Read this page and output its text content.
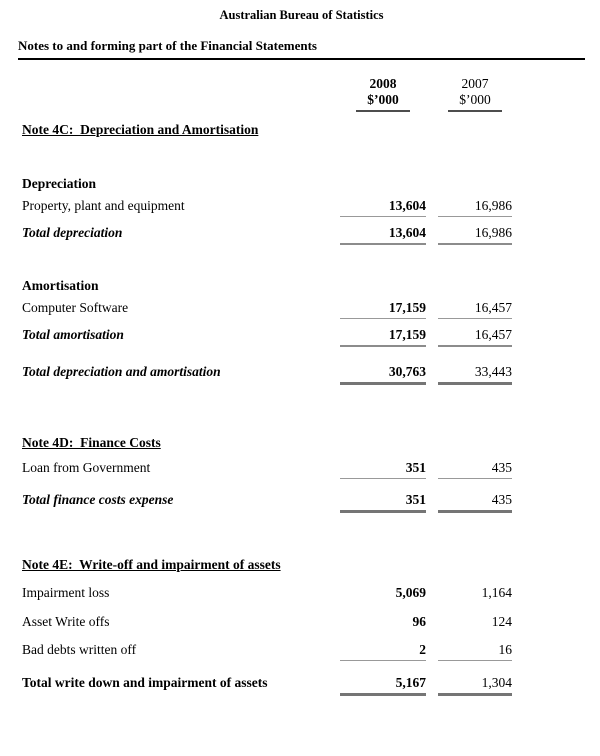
Australian Bureau of Statistics
Notes to and forming part of the Financial Statements
2008
$’000
2007
$’000
Note 4C:  Depreciation and Amortisation
Depreciation
Property, plant and equipment	13,604	16,986
Total depreciation	13,604	16,986
Amortisation
Computer Software	17,159	16,457
Total amortisation	17,159	16,457
Total depreciation and amortisation	30,763	33,443
Note 4D:  Finance Costs
Loan from Government	351	435
Total finance costs expense	351	435
Note 4E:  Write-off and impairment of assets
Impairment loss	5,069	1,164
Asset Write offs	96	124
Bad debts written off	2	16
Total write down and impairment of assets	5,167	1,304
